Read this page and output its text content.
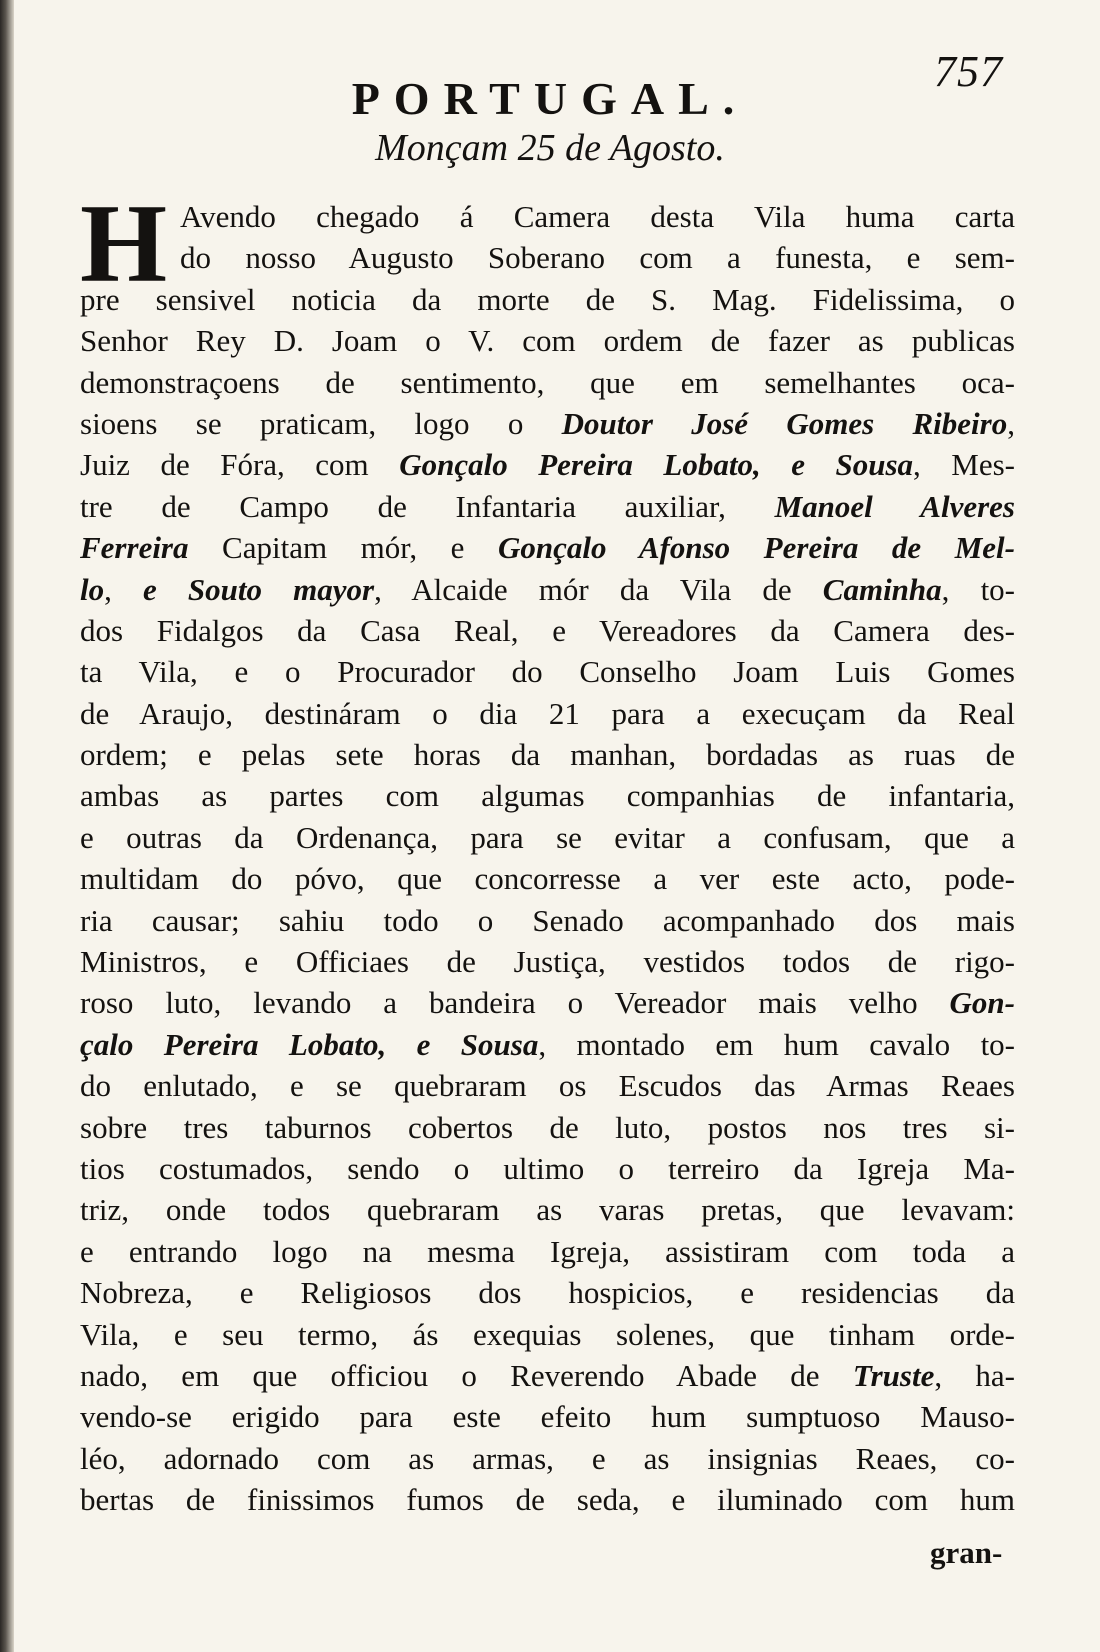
757
PORTUGAL.
Monçam 25 de Agosto.
H Avendo chegado á Camera desta Vila huma carta
do nosso Augusto Soberano com a funesta, e sem-
pre sensivel noticia da morte de S. Mag. Fidelissima, o
Senhor Rey D. Joam o V. com ordem de fazer as publicas
demonstraçoens de sentimento, que em semelhantes oca-
sioens se praticam, logo o Doutor José Gomes Ribeiro,
Juiz de Fóra, com Gonçalo Pereira Lobato, e Sousa, Mes-
tre de Campo de Infantaria auxiliar, Manoel Alveres
Ferreira Capitam mór, e Gonçalo Afonso Pereira de Mel-
lo, e Souto mayor, Alcaide mór da Vila de Caminha, to-
dos Fidalgos da Casa Real, e Vereadores da Camera des-
ta Vila, e o Procurador do Conselho Joam Luis Gomes
de Araujo, destináram o dia 21 para a execuçam da Real
ordem; e pelas sete horas da manhan, bordadas as ruas de
ambas as partes com algumas companhias de infantaria,
e outras da Ordenança, para se evitar a confusam, que a
multidam do póvo, que concorresse a ver este acto, pode-
ria causar; sahiu todo o Senado acompanhado dos mais
Ministros, e Officiaes de Justiça, vestidos todos de rigo-
roso luto, levando a bandeira o Vereador mais velho Gon-
çalo Pereira Lobato, e Sousa, montado em hum cavalo to-
do enlutado, e se quebraram os Escudos das Armas Reaes
sobre tres taburnos cobertos de luto, postos nos tres si-
tios costumados, sendo o ultimo o terreiro da Igreja Ma-
triz, onde todos quebraram as varas pretas, que levavam:
e entrando logo na mesma Igreja, assistiram com toda a
Nobreza, e Religiosos dos hospicios, e residencias da
Vila, e seu termo, ás exequias solenes, que tinham orde-
nado, em que officiou o Reverendo Abade de Truste, ha-
vendo-se erigido para este efeito hum sumptuoso Mauso-
léo, adornado com as armas, e as insignias Reaes, co-
bertas de finissimos fumos de seda, e iluminado com hum
gran-
